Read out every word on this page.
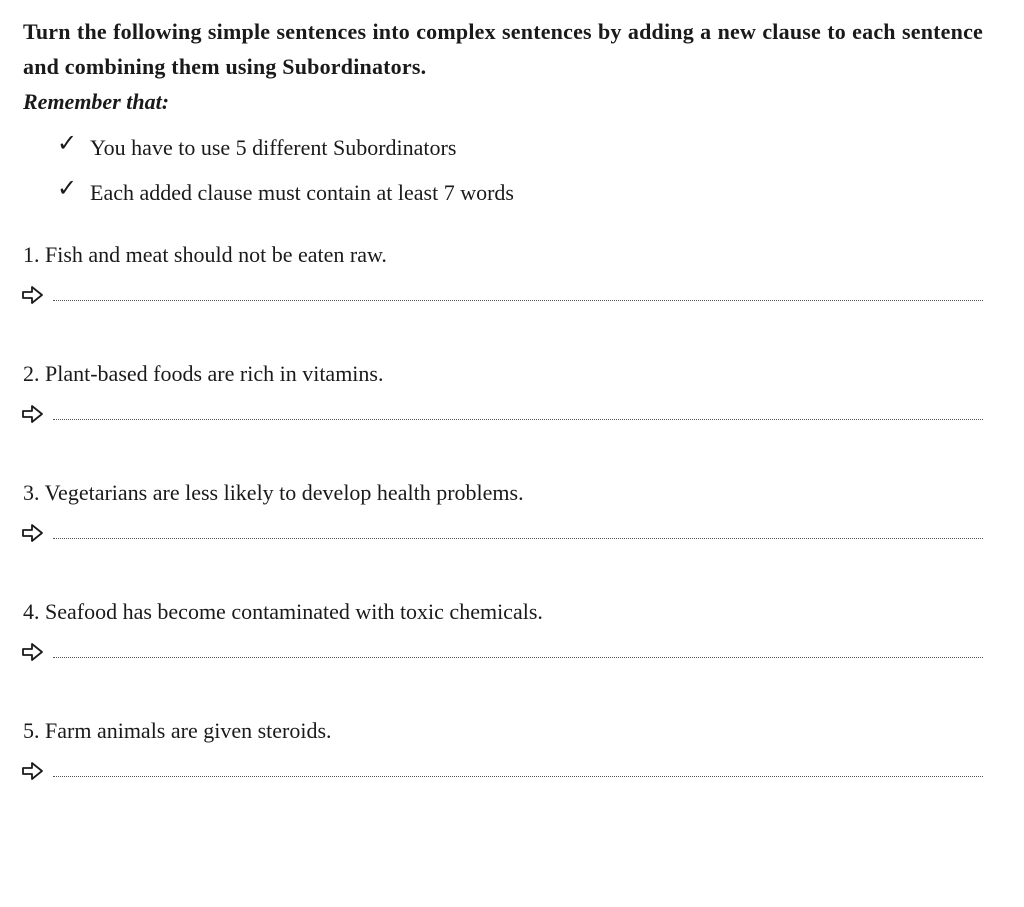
Turn the following simple sentences into complex sentences by adding a new clause to each sentence and combining them using Subordinators.

Remember that:

✓ You have to use 5 different Subordinators
✓ Each added clause must contain at least 7 words

1. Fish and meat should not be eaten raw.

2. Plant-based foods are rich in vitamins.

3. Vegetarians are less likely to develop health problems.

4. Seafood has become contaminated with toxic chemicals.

5. Farm animals are given steroids.
